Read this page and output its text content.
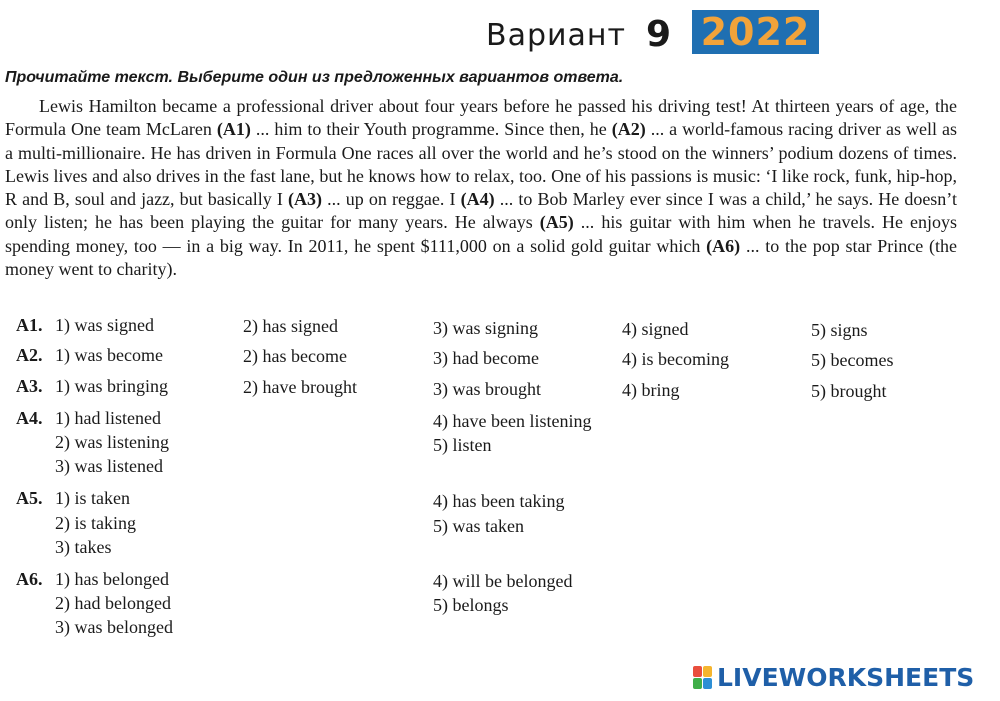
Вариант 9 2022
Прочитайте текст. Выберите один из предложенных вариантов ответа.
Lewis Hamilton became a professional driver about four years before he passed his driving test! At thirteen years of age, the Formula One team McLaren (A1) ... him to their Youth programme. Since then, he (A2) ... a world-famous racing driver as well as a multi-millionaire. He has driven in Formula One races all over the world and he’s stood on the winners’ podium dozens of times. Lewis lives and also drives in the fast lane, but he knows how to relax, too. One of his passions is music: ‘I like rock, funk, hip-hop, R and B, soul and jazz, but basically I (A3) ... up on reggae. I (A4) ... to Bob Marley ever since I was a child,’ he says. He doesn’t only listen; he has been playing the guitar for many years. He always (A5) ... his guitar with him when he travels. He enjoys spending money, too — in a big way. In 2011, he spent $111,000 on a solid gold guitar which (A6) ... to the pop star Prince (the money went to charity).
A1. 1) was signed	2) has signed	3) was signing	4) signed	5) signs
A2. 1) was become	2) has become	3) had become	4) is becoming	5) becomes
A3. 1) was bringing	2) have brought	3) was brought	4) bring	5) brought
A4. 1) had listened
2) was listening
3) was listened
4) have been listening
5) listen
A5. 1) is taken
2) is taking
3) takes
4) has been taking
5) was taken
A6. 1) has belonged
2) had belonged
3) was belonged
4) will be belonged
5) belongs
LIVEWORKSHEETS
